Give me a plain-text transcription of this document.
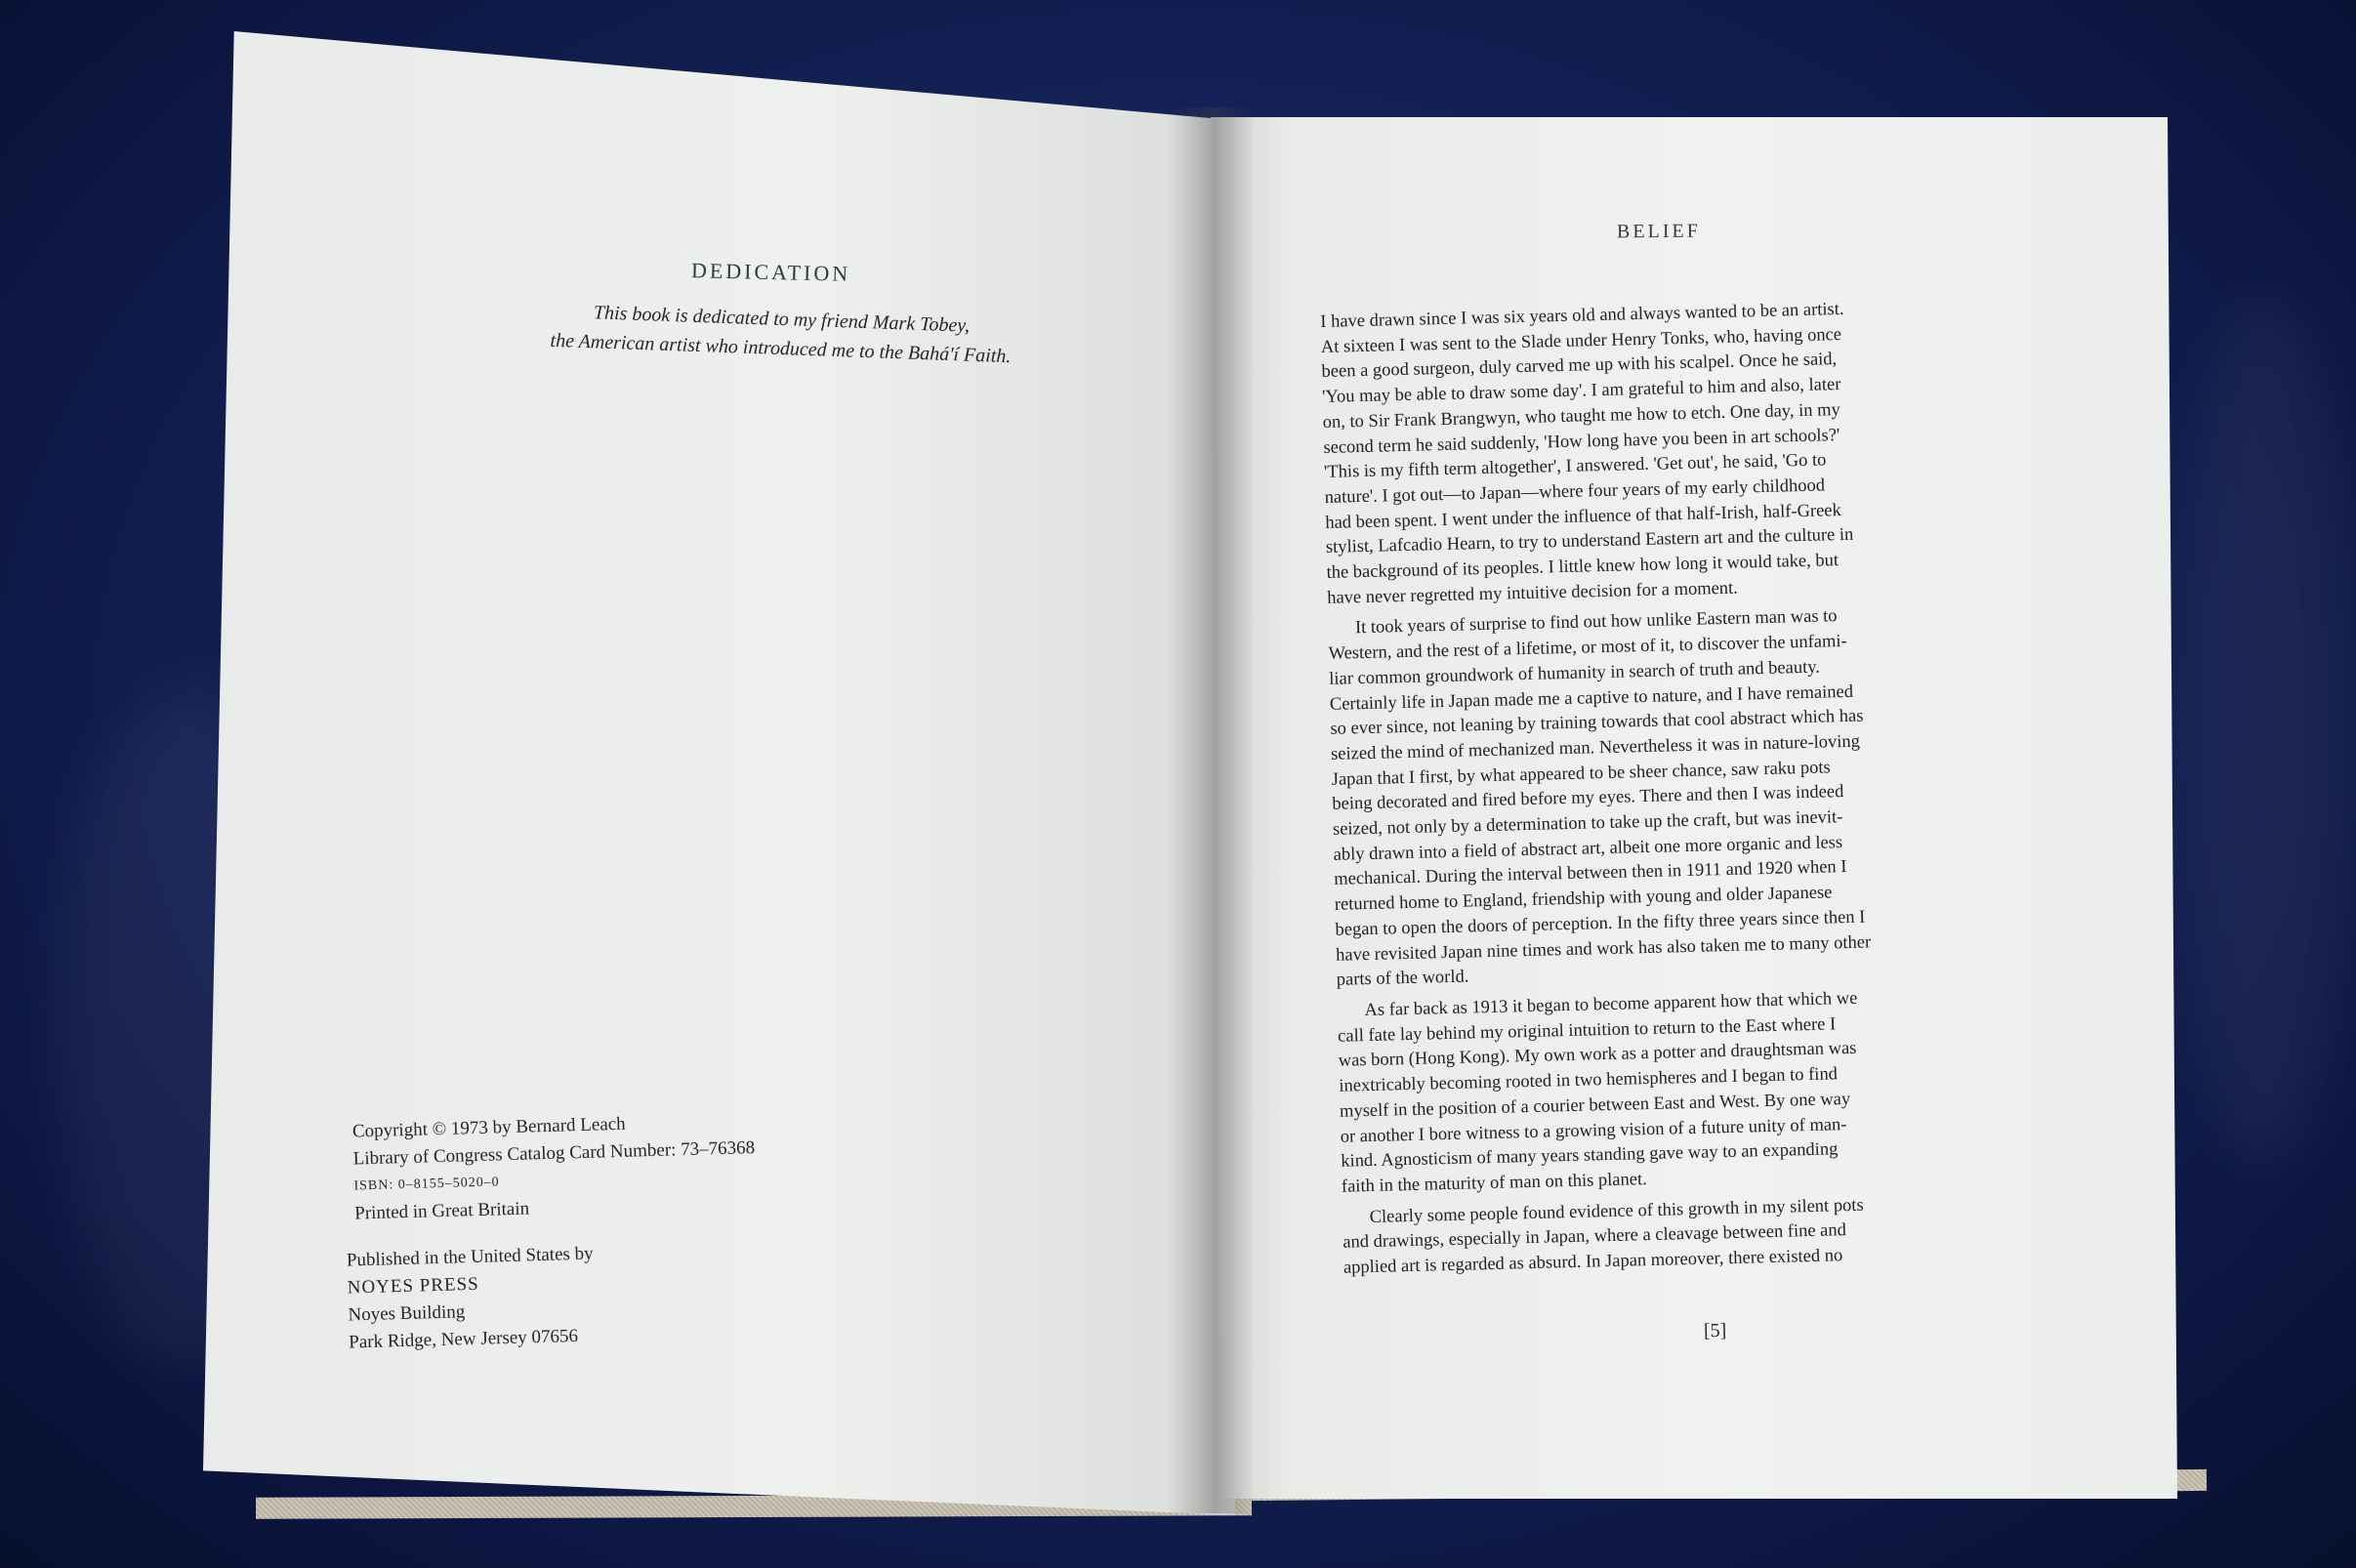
DEDICATION
This book is dedicated to my friend Mark Tobey,
the American artist who introduced me to the Bahá'í Faith.
Copyright © 1973 by Bernard Leach
Library of Congress Catalog Card Number: 73–76368
ISBN: 0–8155–5020–0
Printed in Great Britain
Published in the United States by
NOYES PRESS
Noyes Building
Park Ridge, New Jersey 07656
BELIEF

I have drawn since I was six years old and always wanted to be an artist.
At sixteen I was sent to the Slade under Henry Tonks, who, having once
been a good surgeon, duly carved me up with his scalpel. Once he said,
'You may be able to draw some day'. I am grateful to him and also, later
on, to Sir Frank Brangwyn, who taught me how to etch. One day, in my
second term he said suddenly, 'How long have you been in art schools?'
'This is my fifth term altogether', I answered. 'Get out', he said, 'Go to
nature'. I got out—to Japan—where four years of my early childhood
had been spent. I went under the influence of that half-Irish, half-Greek
stylist, Lafcadio Hearn, to try to understand Eastern art and the culture in
the background of its peoples. I little knew how long it would take, but
have never regretted my intuitive decision for a moment.

It took years of surprise to find out how unlike Eastern man was to
Western, and the rest of a lifetime, or most of it, to discover the unfami-
liar common groundwork of humanity in search of truth and beauty.
Certainly life in Japan made me a captive to nature, and I have remained
so ever since, not leaning by training towards that cool abstract which has
seized the mind of mechanized man. Nevertheless it was in nature-loving
Japan that I first, by what appeared to be sheer chance, saw raku pots
being decorated and fired before my eyes. There and then I was indeed
seized, not only by a determination to take up the craft, but was inevit-
ably drawn into a field of abstract art, albeit one more organic and less
mechanical. During the interval between then in 1911 and 1920 when I
returned home to England, friendship with young and older Japanese
began to open the doors of perception. In the fifty three years since then I
have revisited Japan nine times and work has also taken me to many other
parts of the world.

As far back as 1913 it began to become apparent how that which we
call fate lay behind my original intuition to return to the East where I
was born (Hong Kong). My own work as a potter and draughtsman was
inextricably becoming rooted in two hemispheres and I began to find
myself in the position of a courier between East and West. By one way
or another I bore witness to a growing vision of a future unity of man-
kind. Agnosticism of many years standing gave way to an expanding
faith in the maturity of man on this planet.

Clearly some people found evidence of this growth in my silent pots
and drawings, especially in Japan, where a cleavage between fine and
applied art is regarded as absurd. In Japan moreover, there existed no

[5]
